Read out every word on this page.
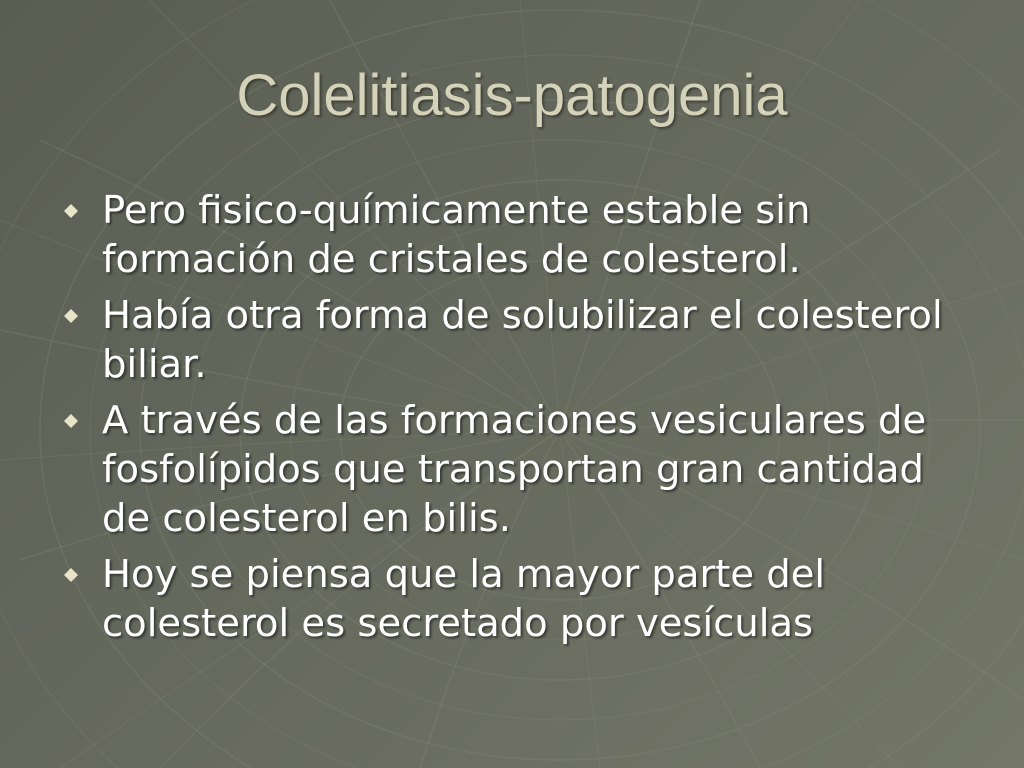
Colelitiasis-patogenia
Pero fisico-químicamente estable sin formación de cristales de colesterol.
Había otra forma de solubilizar el colesterol biliar.
A través de las formaciones vesiculares de fosfolípidos que transportan gran cantidad de colesterol en bilis.
Hoy se piensa que la mayor parte del colesterol es secretado por vesículas
